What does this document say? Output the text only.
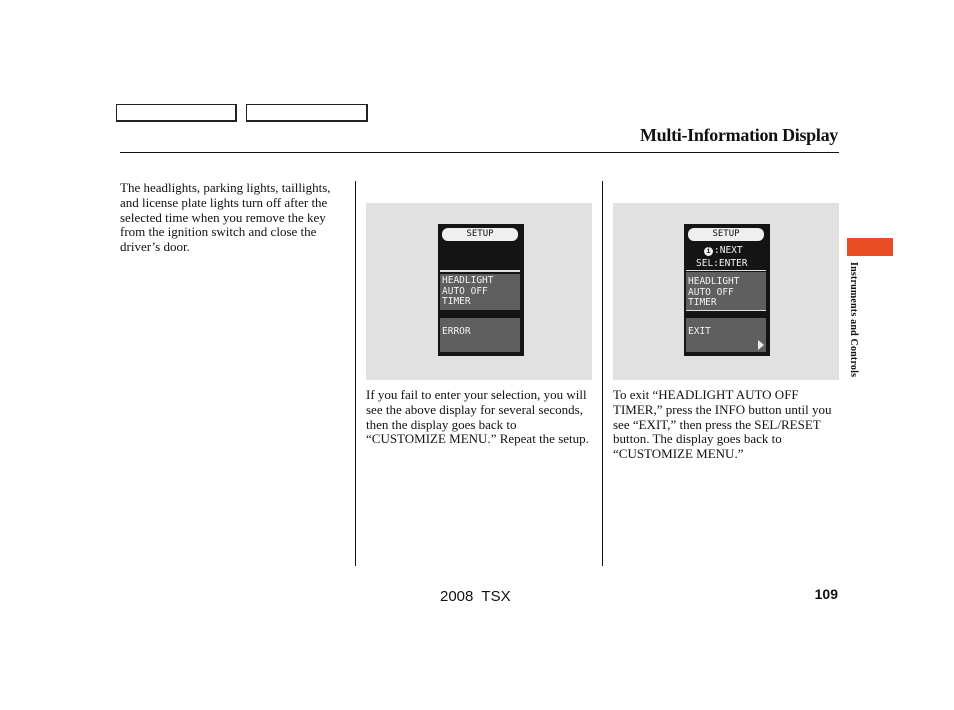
Multi-Information Display

The headlights, parking lights, taillights, and license plate lights turn off after the selected time when you remove the key from the ignition switch and close the driver’s door.

SETUP
HEADLIGHT
AUTO OFF
TIMER
ERROR
SETUP
i :NEXT
SEL:ENTER
HEADLIGHT
AUTO OFF
TIMER
EXIT

If you fail to enter your selection, you will see the above display for several seconds, then the display goes back to “CUSTOMIZE MENU.” Repeat the setup.

To exit “HEADLIGHT AUTO OFF TIMER,” press the INFO button until you see “EXIT,” then press the SEL/RESET button. The display goes back to “CUSTOMIZE MENU.”

Instruments and Controls
2008  TSX	109
